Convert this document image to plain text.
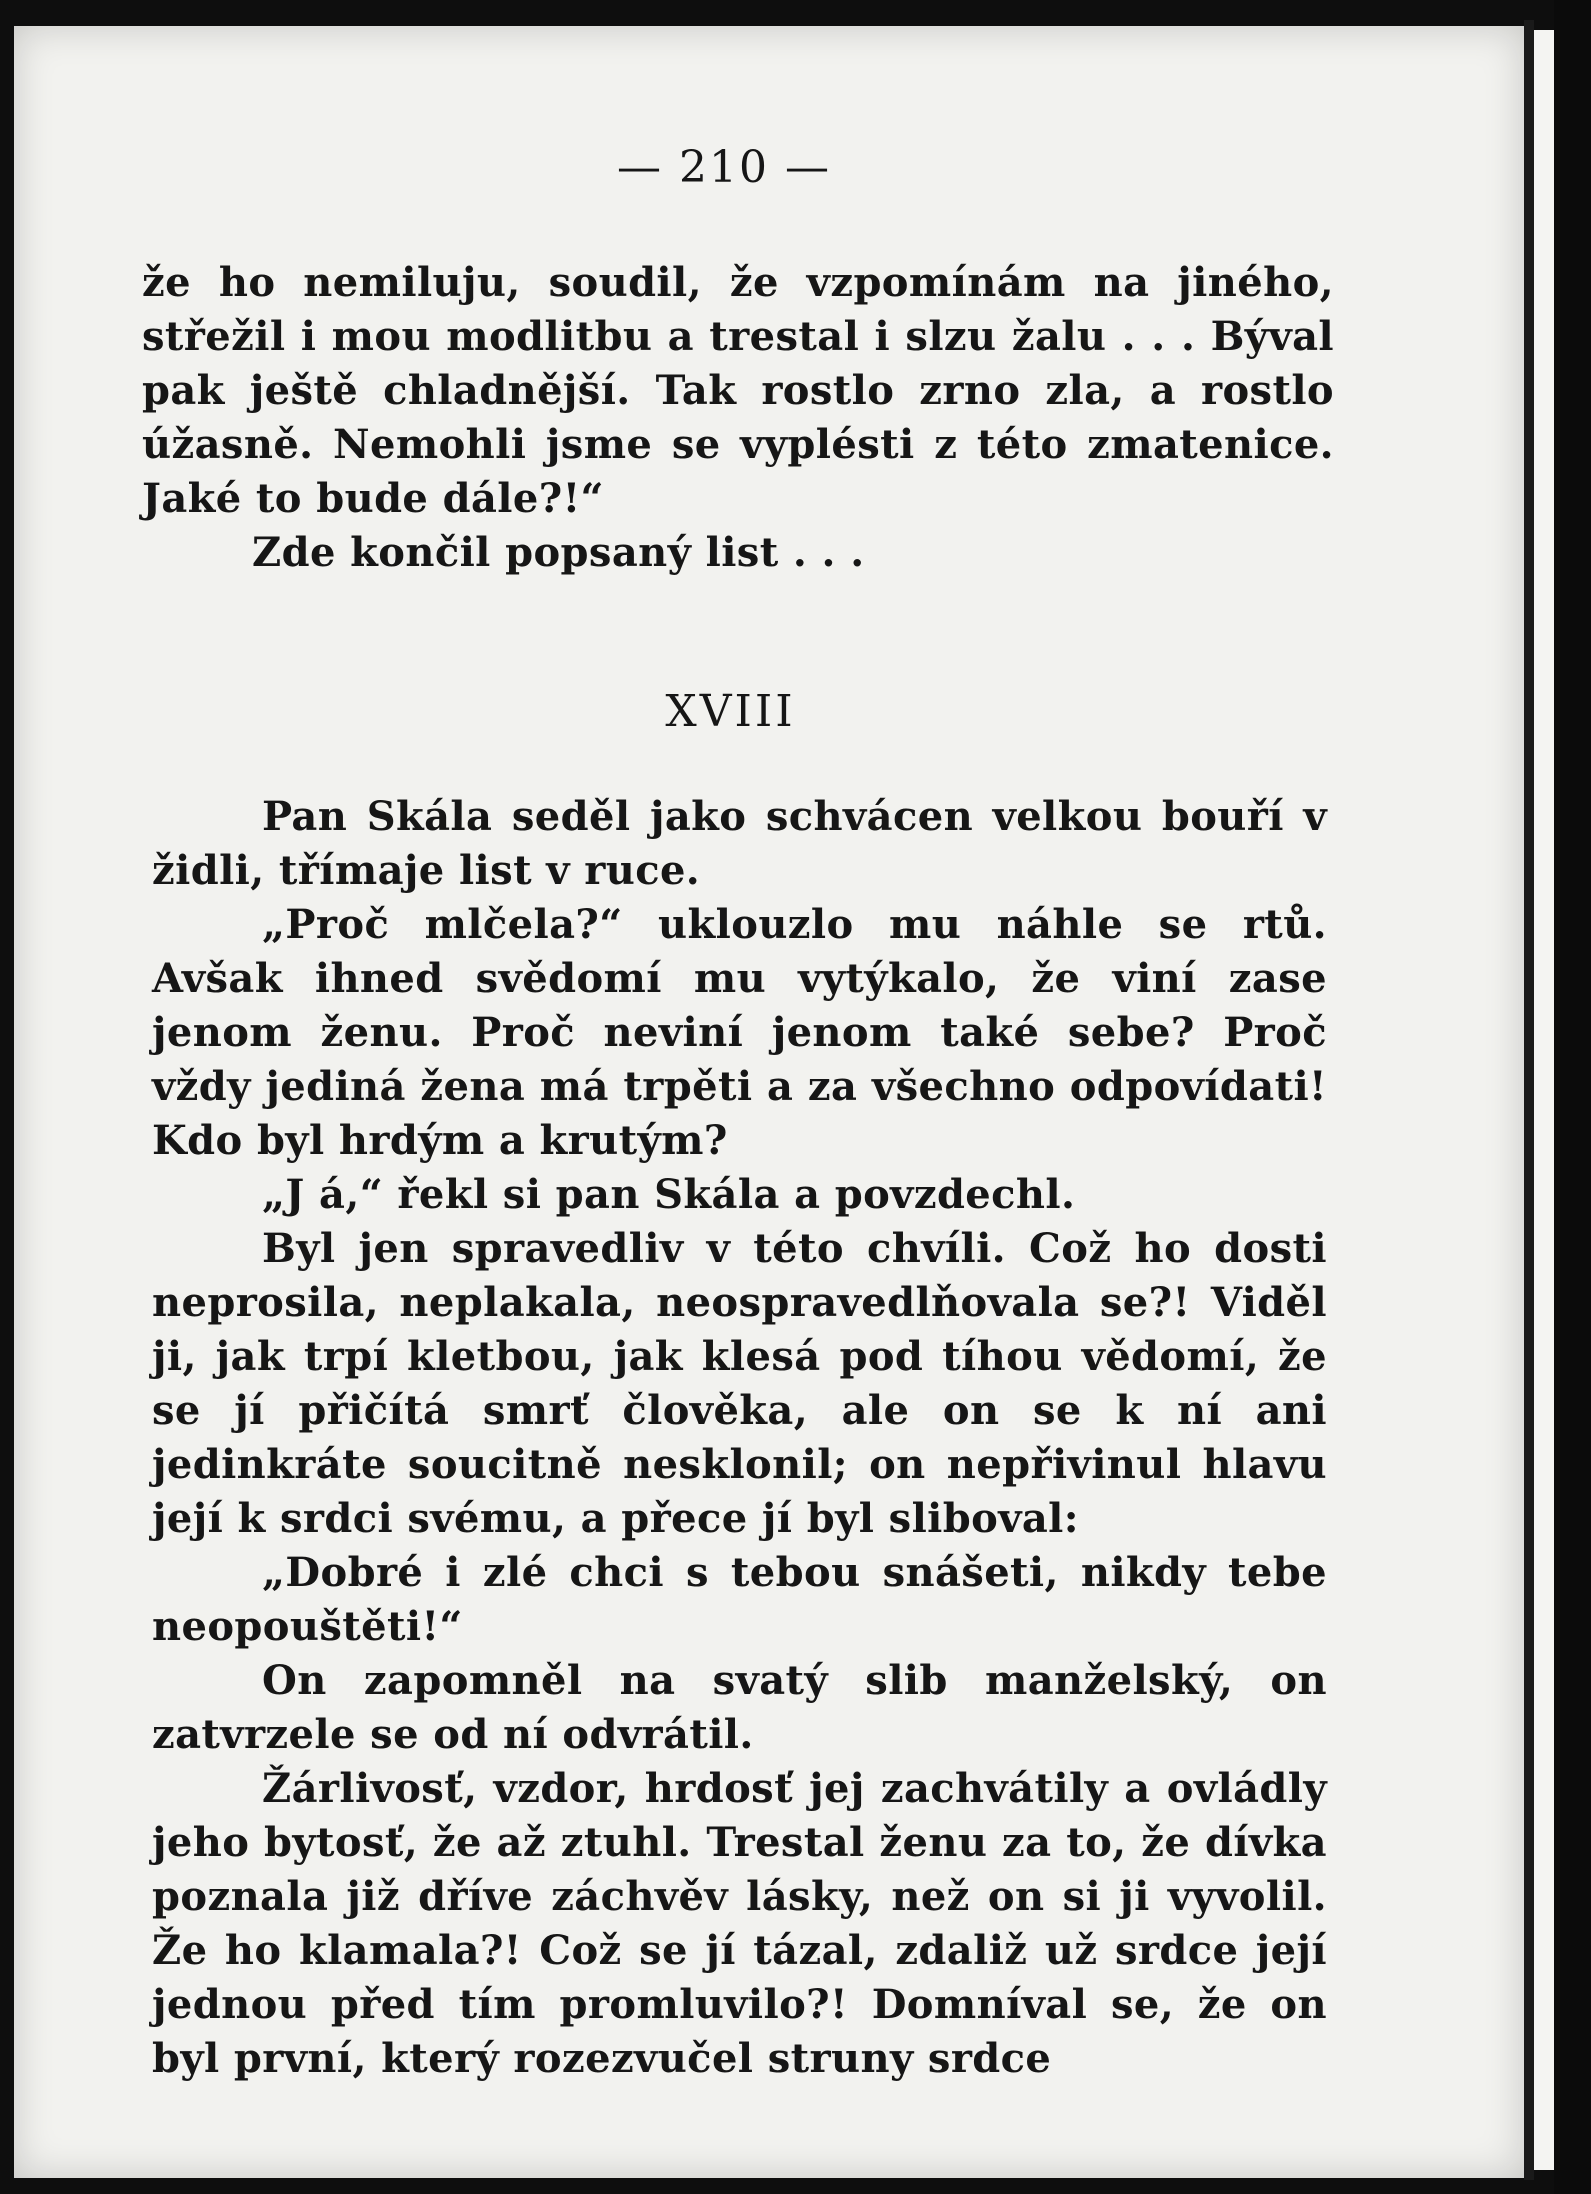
— 210 —

že ho nemiluju, soudil, že vzpomínám na jiného, střežil i mou modlitbu a trestal i slzu žalu . . . Býval pak ještě chladnější. Tak rostlo zrno zla, a rostlo úžasně. Nemohli jsme se vyplésti z této zmatenice. Jaké to bude dále?!“

Zde končil popsaný list . . .

XVIII

Pan Skála seděl jako schvácen velkou bouří v židli, třímaje list v ruce.

„Proč mlčela?“ uklouzlo mu náhle se rtů. Avšak ihned svědomí mu vytýkalo, že viní zase jenom ženu. Proč neviní jenom také sebe? Proč vždy jediná žena má trpěti a za všechno odpovídati! Kdo byl hrdým a krutým?

„J á,“ řekl si pan Skála a povzdechl.

Byl jen spravedliv v této chvíli. Což ho dosti neprosila, neplakala, neospravedlňovala se?! Viděl ji, jak trpí kletbou, jak klesá pod tíhou vědomí, že se jí přičítá smrť člověka, ale on se k ní ani jedinkráte soucitně nesklonil; on nepřivinul hlavu její k srdci svému, a přece jí byl sliboval:

„Dobré i zlé chci s tebou snášeti, nikdy tebe neopouštěti!“

On zapomněl na svatý slib manželský, on zatvrzele se od ní odvrátil.

Žárlivosť, vzdor, hrdosť jej zachvátily a ovládly jeho bytosť, že až ztuhl. Trestal ženu za to, že dívka poznala již dříve záchvěv lásky, než on si ji vyvolil. Že ho klamala?! Což se jí tázal, zdaliž už srdce její jednou před tím promluvilo?! Domníval se, že on byl první, který rozezvučel struny srdce
